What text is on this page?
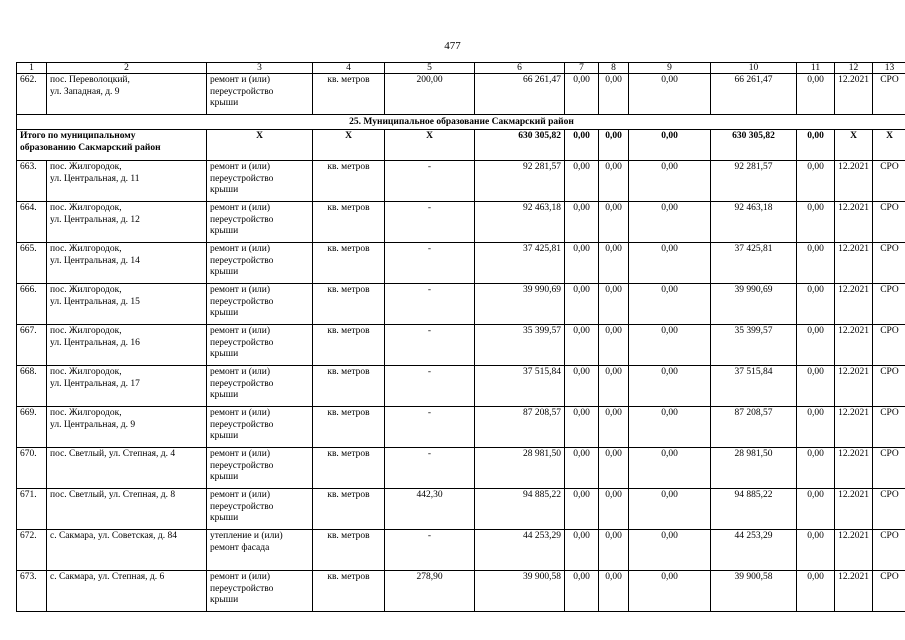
477
1	2	3	4	5	6	7	8	9	10	11	12	13
662.	пос. Переволоцкий,
ул. Западная, д. 9	ремонт и (или)
переустройство
крыши	кв. метров	200,00	66 261,47	0,00	0,00	0,00	66 261,47	0,00	12.2021	СРО
25. Муниципальное образование Сакмарский район												

Итого по муниципальному
образованию Сакмарский район		Х	Х	Х	630 305,82	0,00	0,00	0,00	630 305,82	0,00	Х	Х
663.	пос. Жилгородок,
ул. Центральная, д. 11	ремонт и (или)
переустройство
крыши	кв. метров	-	92 281,57	0,00	0,00	0,00	92 281,57	0,00	12.2021	СРО
664.	пос. Жилгородок,
ул. Центральная, д. 12	ремонт и (или)
переустройство
крыши	кв. метров	-	92 463,18	0,00	0,00	0,00	92 463,18	0,00	12.2021	СРО
665.	пос. Жилгородок,
ул. Центральная, д. 14	ремонт и (или)
переустройство
крыши	кв. метров	-	37 425,81	0,00	0,00	0,00	37 425,81	0,00	12.2021	СРО
666.	пос. Жилгородок,
ул. Центральная, д. 15	ремонт и (или)
переустройство
крыши	кв. метров	-	39 990,69	0,00	0,00	0,00	39 990,69	0,00	12.2021	СРО
667.	пос. Жилгородок,
ул. Центральная, д. 16	ремонт и (или)
переустройство
крыши	кв. метров	-	35 399,57	0,00	0,00	0,00	35 399,57	0,00	12.2021	СРО
668.	пос. Жилгородок,
ул. Центральная, д. 17	ремонт и (или)
переустройство
крыши	кв. метров	-	37 515,84	0,00	0,00	0,00	37 515,84	0,00	12.2021	СРО
669.	пос. Жилгородок,
ул. Центральная, д. 9	ремонт и (или)
переустройство
крыши	кв. метров	-	87 208,57	0,00	0,00	0,00	87 208,57	0,00	12.2021	СРО
670.	пос. Светлый, ул. Степная, д. 4	ремонт и (или)
переустройство
крыши	кв. метров	-	28 981,50	0,00	0,00	0,00	28 981,50	0,00	12.2021	СРО
671.	пос. Светлый, ул. Степная, д. 8	ремонт и (или)
переустройство
крыши	кв. метров	442,30	94 885,22	0,00	0,00	0,00	94 885,22	0,00	12.2021	СРО
672.	с. Сакмара, ул. Советская, д. 84	утепление и (или)
ремонт фасада	кв. метров	-	44 253,29	0,00	0,00	0,00	44 253,29	0,00	12.2021	СРО
673.	с. Сакмара, ул. Степная, д. 6	ремонт и (или)
переустройство
крыши	кв. метров	278,90	39 900,58	0,00	0,00	0,00	39 900,58	0,00	12.2021	СРО
